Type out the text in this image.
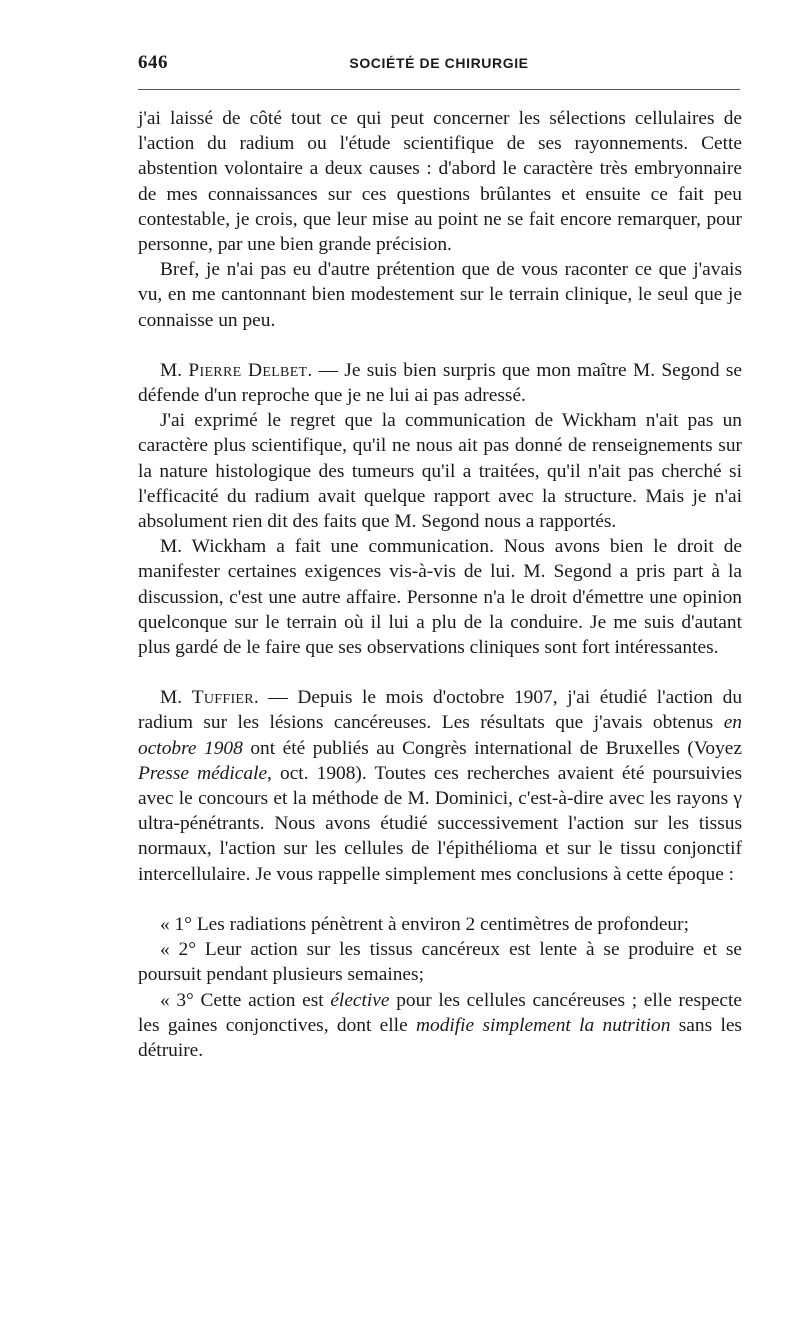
646	SOCIÉTÉ DE CHIRURGIE

j'ai laissé de côté tout ce qui peut concerner les sélections cellulaires de l'action du radium ou l'étude scientifique de ses rayonnements. Cette abstention volontaire a deux causes : d'abord le caractère très embryonnaire de mes connaissances sur ces questions brûlantes et ensuite ce fait peu contestable, je crois, que leur mise au point ne se fait encore remarquer, pour personne, par une bien grande précision.

Bref, je n'ai pas eu d'autre prétention que de vous raconter ce que j'avais vu, en me cantonnant bien modestement sur le terrain clinique, le seul que je connaisse un peu.

M. Pierre Delbet. — Je suis bien surpris que mon maître M. Segond se défende d'un reproche que je ne lui ai pas adressé.

J'ai exprimé le regret que la communication de Wickham n'ait pas un caractère plus scientifique, qu'il ne nous ait pas donné de renseignements sur la nature histologique des tumeurs qu'il a traitées, qu'il n'ait pas cherché si l'efficacité du radium avait quelque rapport avec la structure. Mais je n'ai absolument rien dit des faits que M. Segond nous a rapportés.

M. Wickham a fait une communication. Nous avons bien le droit de manifester certaines exigences vis-à-vis de lui. M. Segond a pris part à la discussion, c'est une autre affaire. Personne n'a le droit d'émettre une opinion quelconque sur le terrain où il lui a plu de la conduire. Je me suis d'autant plus gardé de le faire que ses observations cliniques sont fort intéressantes.

M. Tuffier. — Depuis le mois d'octobre 1907, j'ai étudié l'action du radium sur les lésions cancéreuses. Les résultats que j'avais obtenus en octobre 1908 ont été publiés au Congrès international de Bruxelles (Voyez Presse médicale, oct. 1908). Toutes ces recherches avaient été poursuivies avec le concours et la méthode de M. Dominici, c'est-à-dire avec les rayons γ ultra-pénétrants. Nous avons étudié successivement l'action sur les tissus normaux, l'action sur les cellules de l'épithélioma et sur le tissu conjonctif intercellulaire. Je vous rappelle simplement mes conclusions à cette époque :

« 1° Les radiations pénètrent à environ 2 centimètres de profondeur;

« 2° Leur action sur les tissus cancéreux est lente à se produire et se poursuit pendant plusieurs semaines;

« 3° Cette action est élective pour les cellules cancéreuses ; elle respecte les gaines conjonctives, dont elle modifie simplement la nutrition sans les détruire.
